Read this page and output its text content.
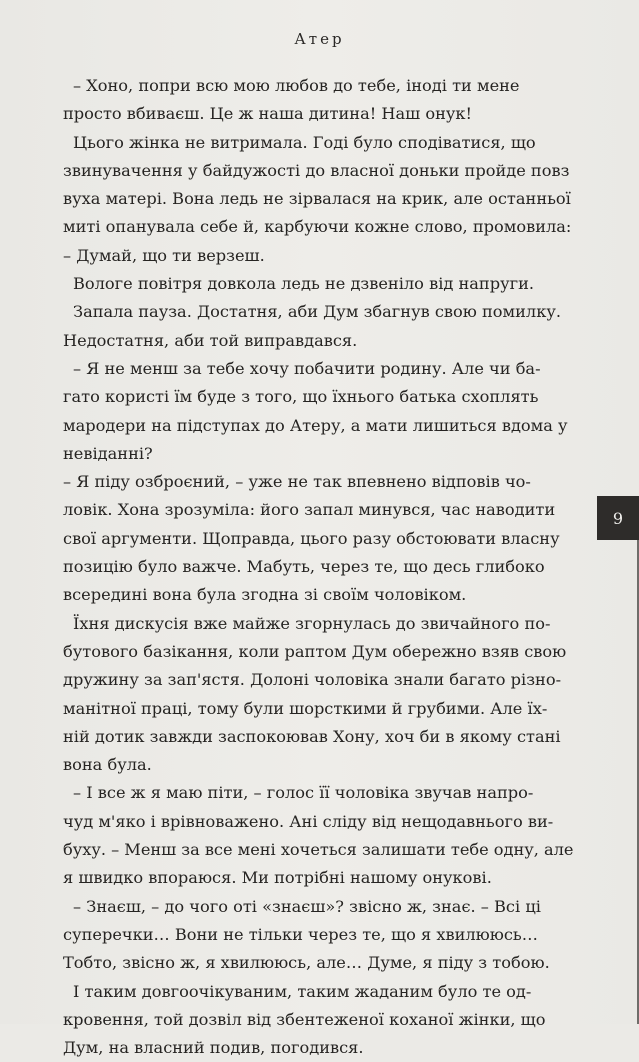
Атер

– Хоно, попри всю мою любов до тебе, іноді ти мене
просто вбиваєш. Це ж наша дитина! Наш онук!

Цього жінка не витримала. Годі було сподіватися, що
звинувачення у байдужості до власної доньки пройде повз
вуха матері. Вона ледь не зірвалася на крик, але останньої
миті опанувала себе й, карбуючи кожне слово, промовила:
– Думай, що ти верзеш.

Вологе повітря довкола ледь не дзвеніло від напруги.

Запала пауза. Достатня, аби Дум збагнув свою помилку.
Недостатня, аби той виправдався.

– Я не менш за тебе хочу побачити родину. Але чи ба-
гато користі їм буде з того, що їхнього батька схоплять
мародери на підступах до Атеру, а мати лишиться вдома у
невіданні?
– Я піду озброєний, – уже не так впевнено відповів чо-
ловік. Хона зрозуміла: його запал минувся, час наводити
свої аргументи. Щоправда, цього разу обстоювати власну
позицію було важче. Мабуть, через те, що десь глибоко
всередині вона була згодна зі своїм чоловіком.

Їхня дискусія вже майже згорнулась до звичайного по-
бутового базікання, коли раптом Дум обережно взяв свою
дружину за зап'ястя. Долоні чоловіка знали багато різно-
манітної праці, тому були шорсткими й грубими. Але їх-
ній дотик завжди заспокоював Хону, хоч би в якому стані
вона була.

– І все ж я маю піти, – голос її чоловіка звучав напро-
чуд м'яко і врівноважено. Ані сліду від нещодавнього ви-
буху. – Менш за все мені хочеться залишати тебе одну, але
я швидко впораюся. Ми потрібні нашому онукові.

– Знаєш, – до чого оті «знаєш»? звісно ж, знає. – Всі ці
суперечки… Вони не тільки через те, що я хвилююсь…
Тобто, звісно ж, я хвилююсь, але… Думе, я піду з тобою.

І таким довгоочікуваним, таким жаданим було те од-
кровення, той дозвіл від збентеженої коханої жінки, що
Дум, на власний подив, погодився.

9
